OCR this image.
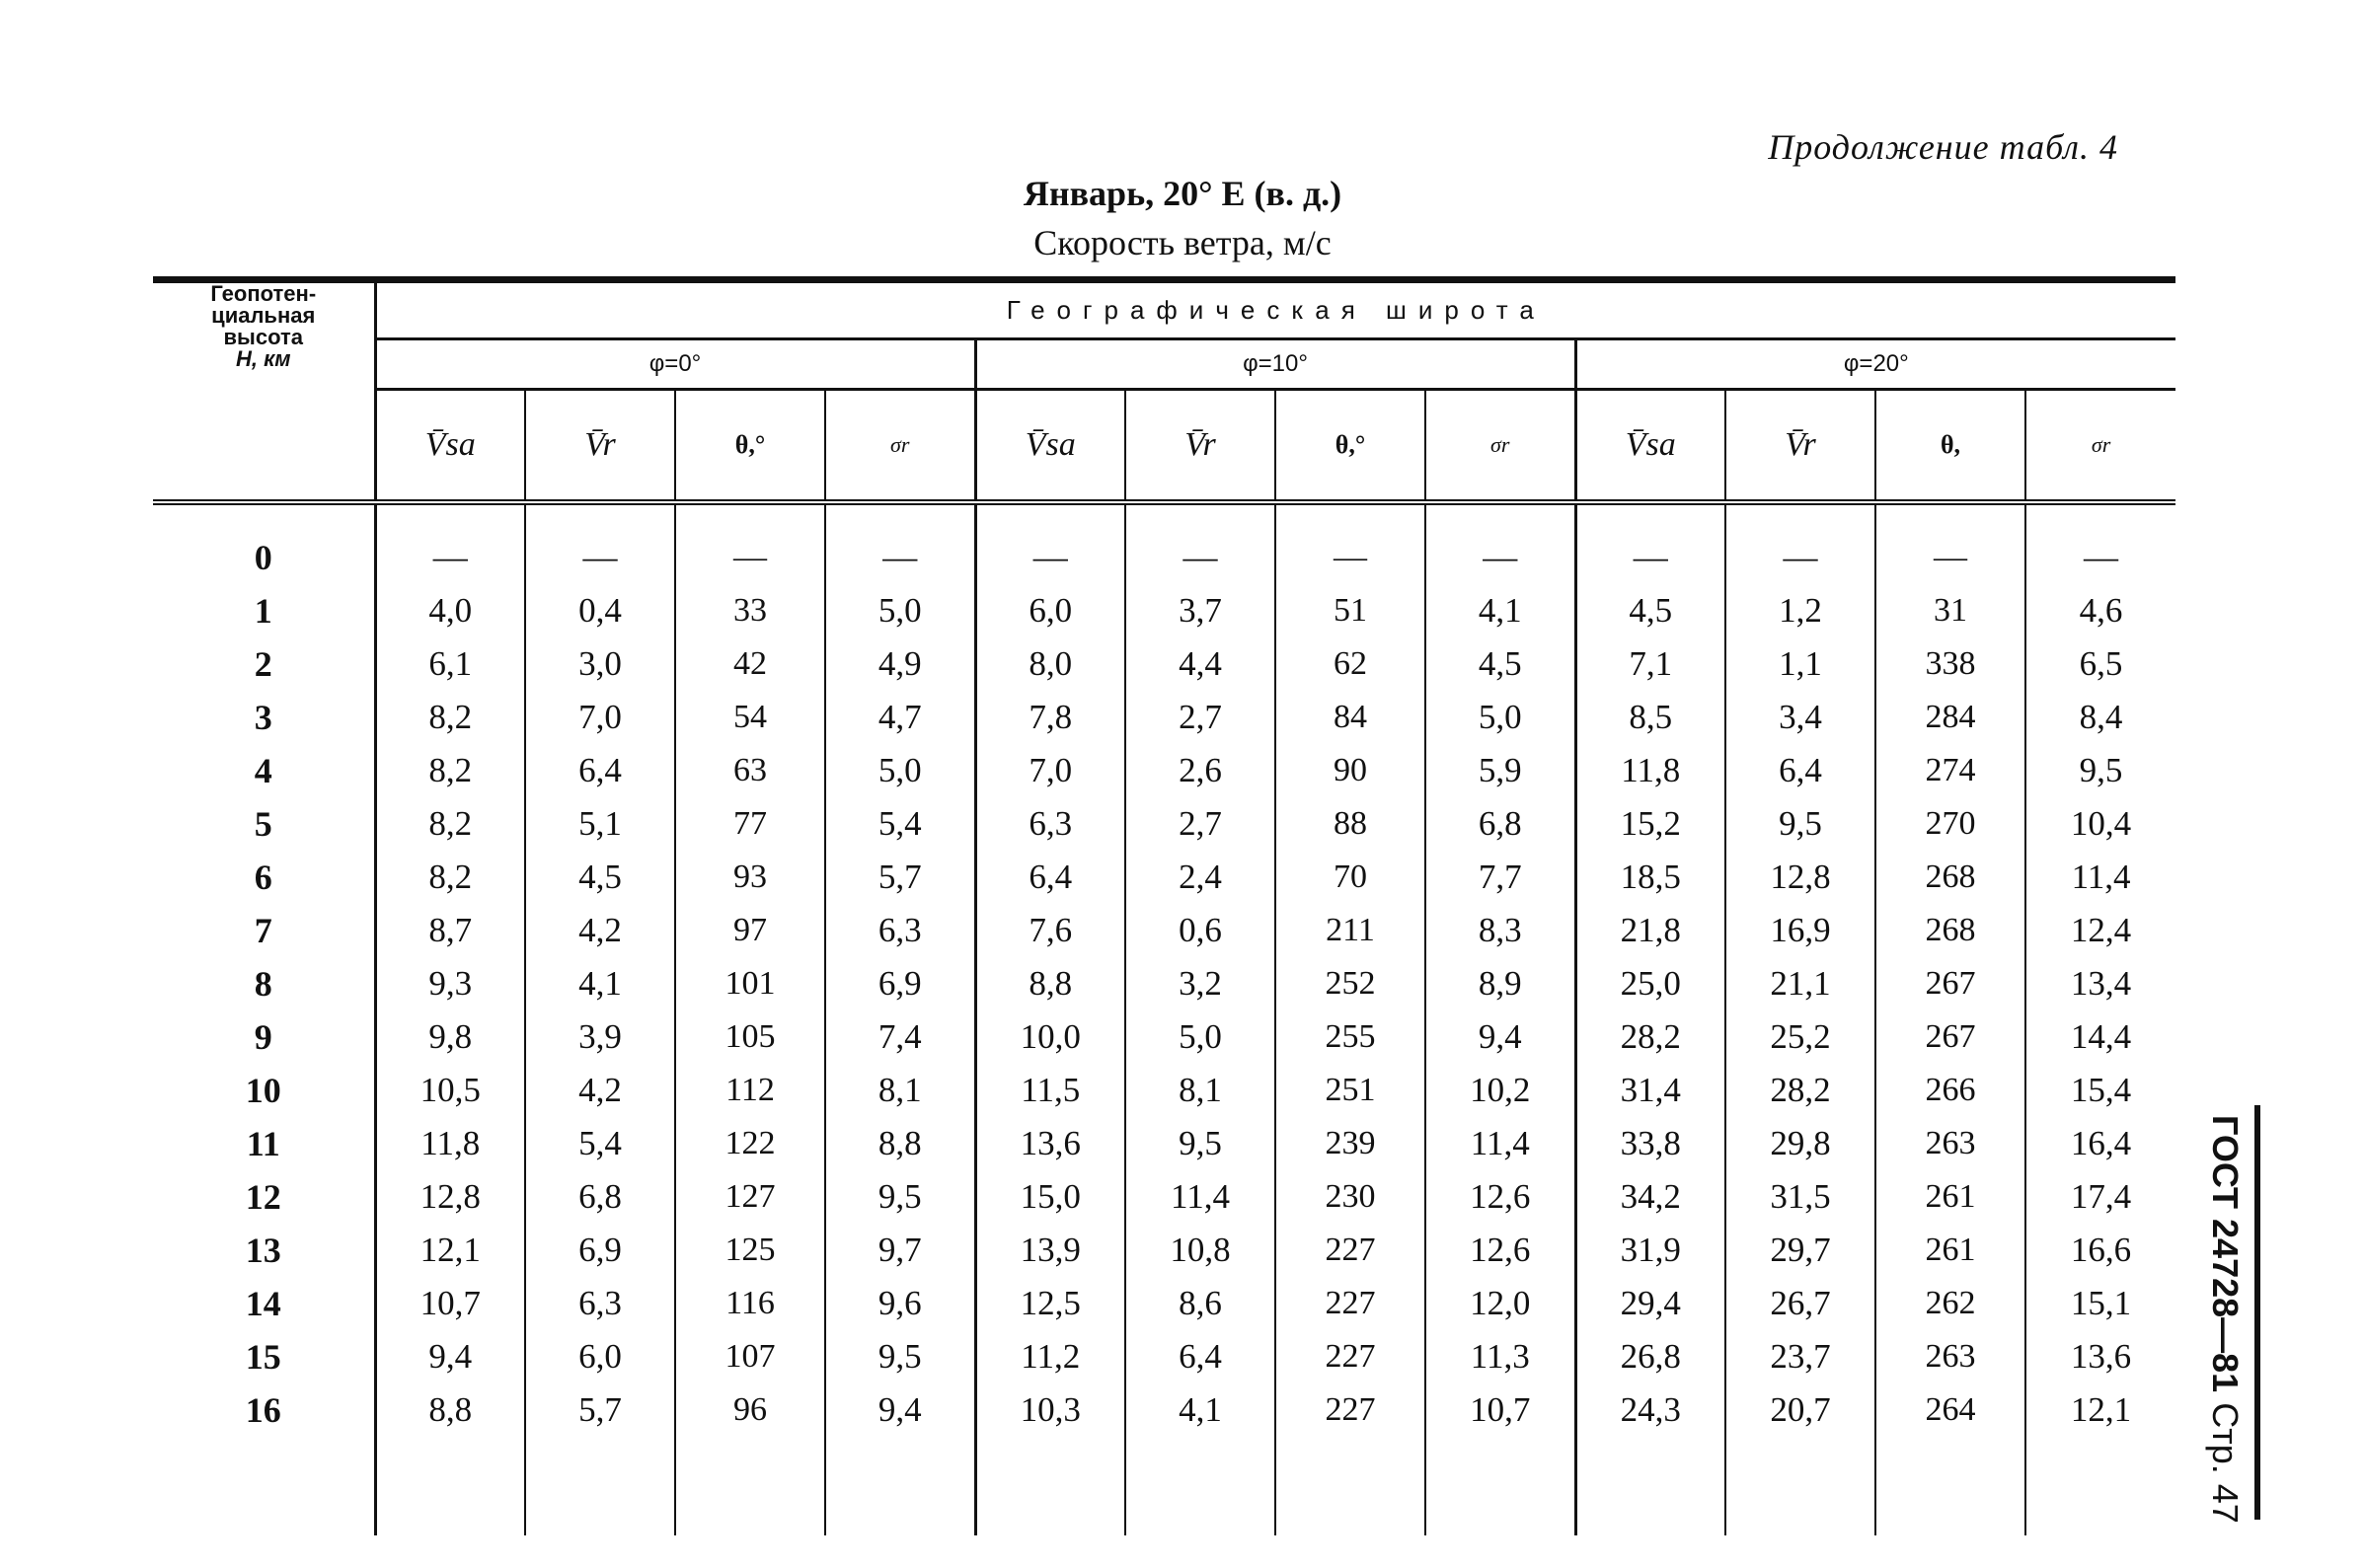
Продолжение табл. 4
Январь, 20° E (в. д.)
Скорость ветра, м/с
ГОСТ 24728—81 Стр. 47
Геопотен-
циальная
высота
H, км	Географическая широта											
	φ=0°				φ=10°				φ=20°			
	V̄sa	V̄r	θ,°	σr	V̄sa	V̄r	θ,°	σr	V̄sa	V̄r	θ,	σr

0	—	—	—	—	—	—	—	—	—	—	—	—
1	4,0	0,4	33	5,0	6,0	3,7	51	4,1	4,5	1,2	31	4,6
2	6,1	3,0	42	4,9	8,0	4,4	62	4,5	7,1	1,1	338	6,5
3	8,2	7,0	54	4,7	7,8	2,7	84	5,0	8,5	3,4	284	8,4
4	8,2	6,4	63	5,0	7,0	2,6	90	5,9	11,8	6,4	274	9,5
5	8,2	5,1	77	5,4	6,3	2,7	88	6,8	15,2	9,5	270	10,4
6	8,2	4,5	93	5,7	6,4	2,4	70	7,7	18,5	12,8	268	11,4
7	8,7	4,2	97	6,3	7,6	0,6	211	8,3	21,8	16,9	268	12,4
8	9,3	4,1	101	6,9	8,8	3,2	252	8,9	25,0	21,1	267	13,4
9	9,8	3,9	105	7,4	10,0	5,0	255	9,4	28,2	25,2	267	14,4
10	10,5	4,2	112	8,1	11,5	8,1	251	10,2	31,4	28,2	266	15,4
11	11,8	5,4	122	8,8	13,6	9,5	239	11,4	33,8	29,8	263	16,4
12	12,8	6,8	127	9,5	15,0	11,4	230	12,6	34,2	31,5	261	17,4
13	12,1	6,9	125	9,7	13,9	10,8	227	12,6	31,9	29,7	261	16,6
14	10,7	6,3	116	9,6	12,5	8,6	227	12,0	29,4	26,7	262	15,1
15	9,4	6,0	107	9,5	11,2	6,4	227	11,3	26,8	23,7	263	13,6
16	8,8	5,7	96	9,4	10,3	4,1	227	10,7	24,3	20,7	264	12,1
